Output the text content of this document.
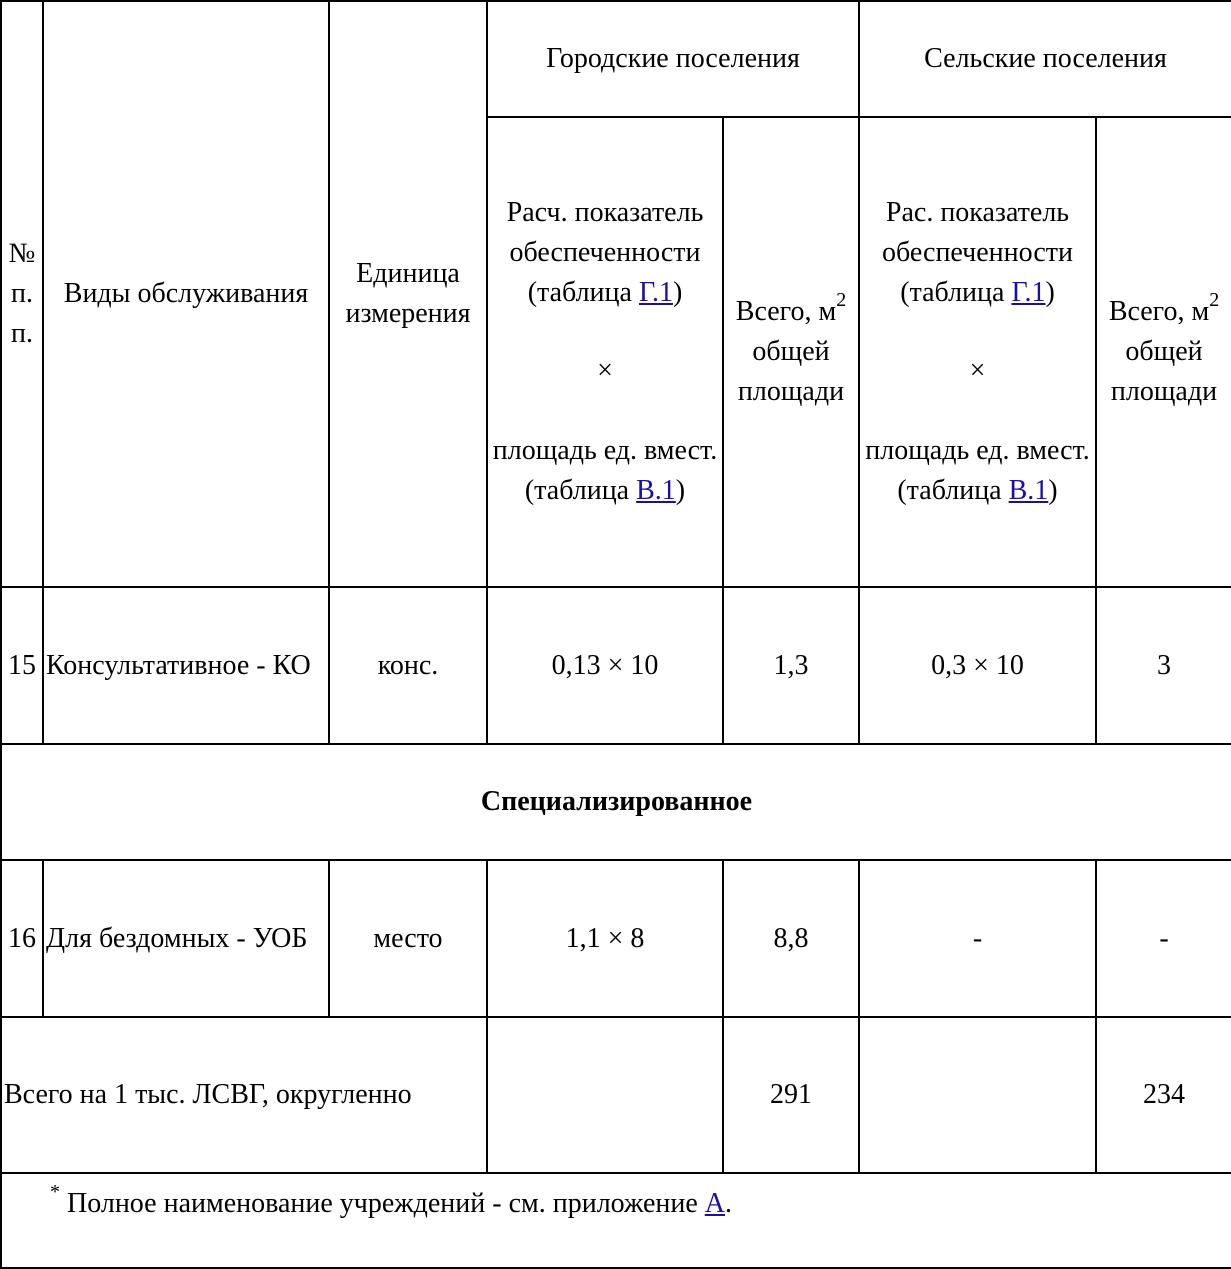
№ п. п.	Виды обслуживания	Единица измерения	Городские поселения		Сельские поселения	
			Расч. показатель обеспеченности (таблица Г.1)
×
площадь ед. вмест. (таблица В.1)	Всего, $м^2$ общей площади	Рас. показатель обеспеченности (таблица Г.1)
×
площадь ед. вмест. (таблица В.1)	Всего, $м^2$ общей площади
15	Консультативное - КО	конс.	0,13 × 10	1,3	0,3 × 10	3
Специализированное						
16	Для бездомных - УОБ	место	1,1 × 8	8,8	-	-
Всего на 1 тыс. ЛСВГ, округленно				291		234
* Полное наименование учреждений - см. приложение А.						
